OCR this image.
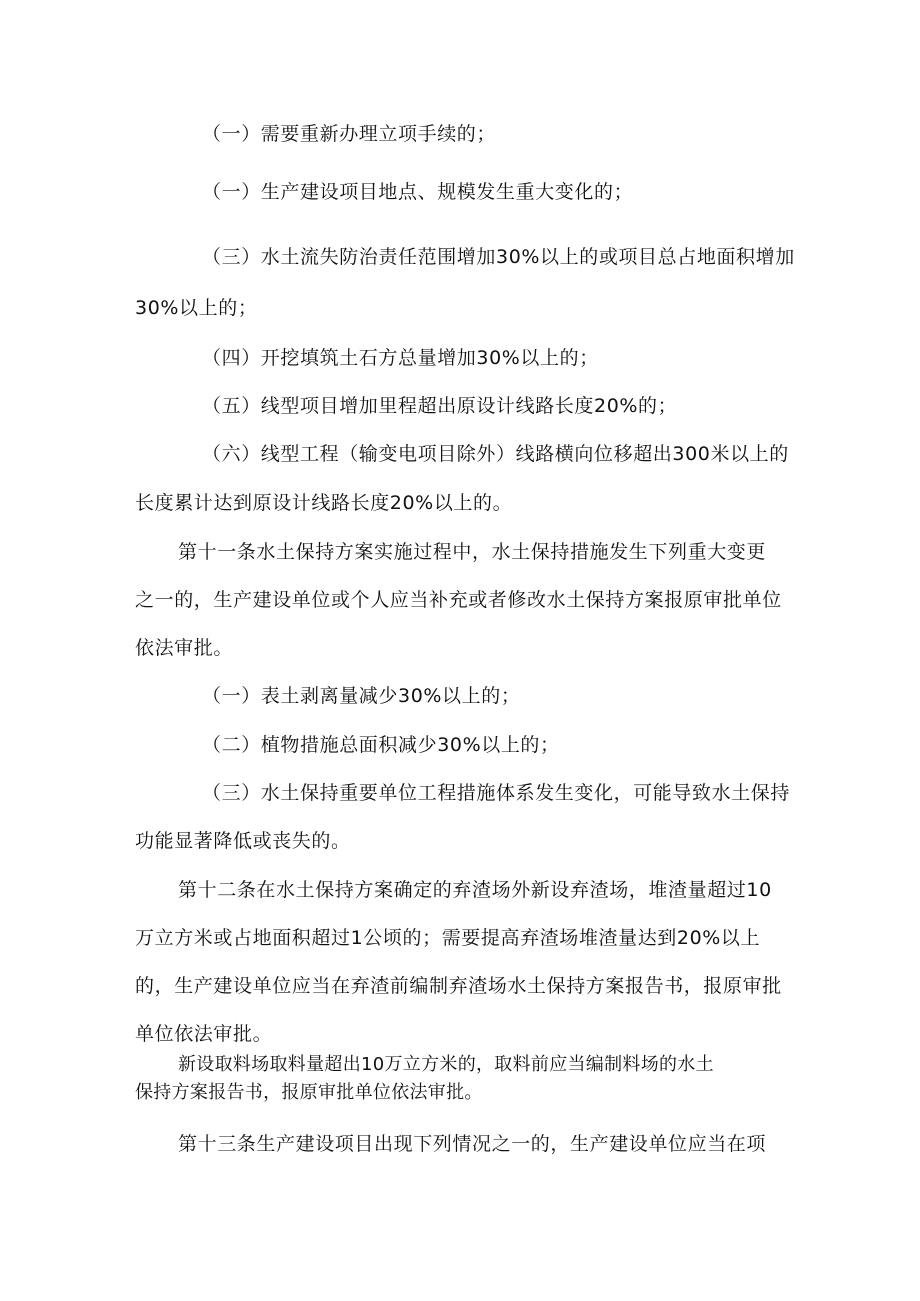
（一）需要重新办理立项手续的；

（一）生产建设项目地点、规模发生重大变化的；

（三）水土流失防治责任范围增加30%以上的或项目总占地面积增加

30%以上的；

（四）开挖填筑土石方总量增加30%以上的；

（五）线型项目增加里程超出原设计线路长度20%的；

（六）线型工程（输变电项目除外）线路横向位移超出300米以上的

长度累计达到原设计线路长度20%以上的。

第十一条水土保持方案实施过程中，水土保持措施发生下列重大变更

之一的，生产建设单位或个人应当补充或者修改水土保持方案报原审批单位

依法审批。

（一）表土剥离量减少30%以上的；

（二）植物措施总面积减少30%以上的；

（三）水土保持重要单位工程措施体系发生变化，可能导致水土保持

功能显著降低或丧失的。

第十二条在水土保持方案确定的弃渣场外新设弃渣场，堆渣量超过10

万立方米或占地面积超过1公顷的；需要提高弃渣场堆渣量达到20%以上

的，生产建设单位应当在弃渣前编制弃渣场水土保持方案报告书，报原审批

单位依法审批。

新设取料场取料量超出10万立方米的，取料前应当编制料场的水土

保持方案报告书，报原审批单位依法审批。

第十三条生产建设项目出现下列情况之一的，生产建设单位应当在项
